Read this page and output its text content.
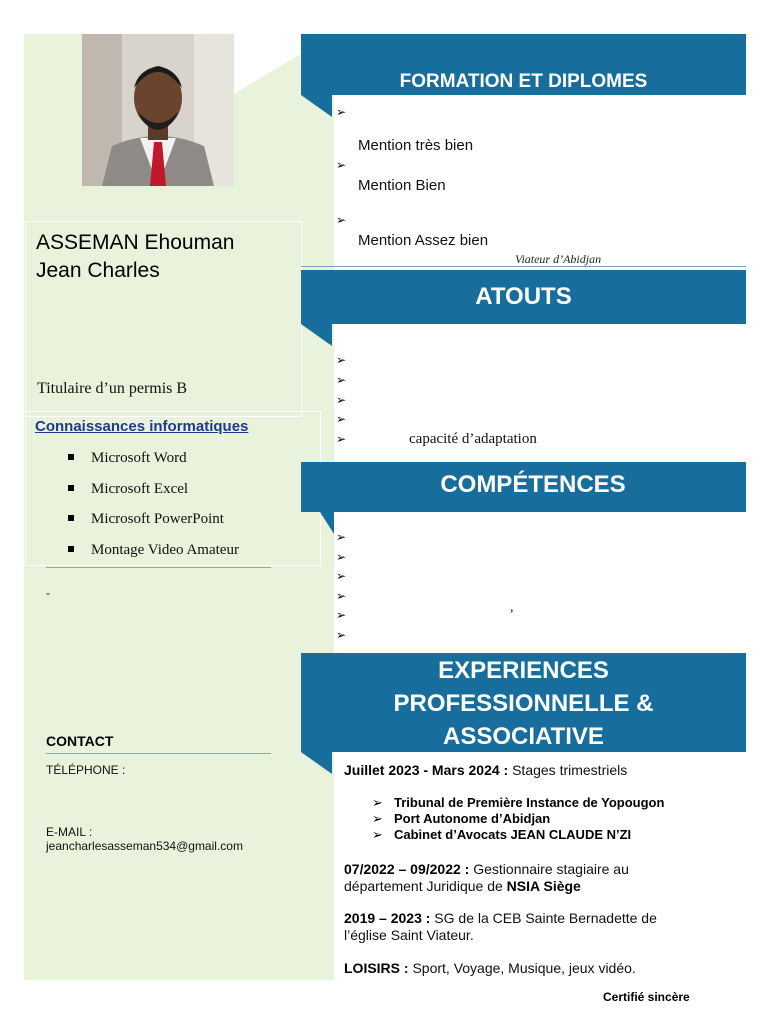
ASSEMAN Ehouman
Jean Charles
Titulaire d’un permis B
Connaissances informatiques
Microsoft Word
Microsoft Excel
Microsoft PowerPoint
Montage Video Amateur
-
CONTACT
TÉLÉPHONE :
E-MAIL :
jeancharlesasseman534@gmail.com
FORMATION ET DIPLOMES
➢
Mention très bien
➢
Mention Bien
➢
Mention Assez bien
Viateur d’Abidjan
ATOUTS
➢
➢
➢
➢
➢	capacité d’adaptation
COMPÉTENCES
➢
➢
➢
➢
➢
➢
,
EXPERIENCES
PROFESSIONNELLE &
ASSOCIATIVE
Juillet 2023 - Mars 2024 : Stages trimestriels
➢ Tribunal de Première Instance de Yopougon
➢ Port Autonome d’Abidjan
➢ Cabinet d’Avocats JEAN CLAUDE N’ZI
07/2022 – 09/2022 : Gestionnaire stagiaire au département Juridique de NSIA Siège
2019 – 2023 : SG de la CEB Sainte Bernadette de l’église Saint Viateur.
LOISIRS : Sport, Voyage, Musique, jeux vidéo.
Certifié sincère
